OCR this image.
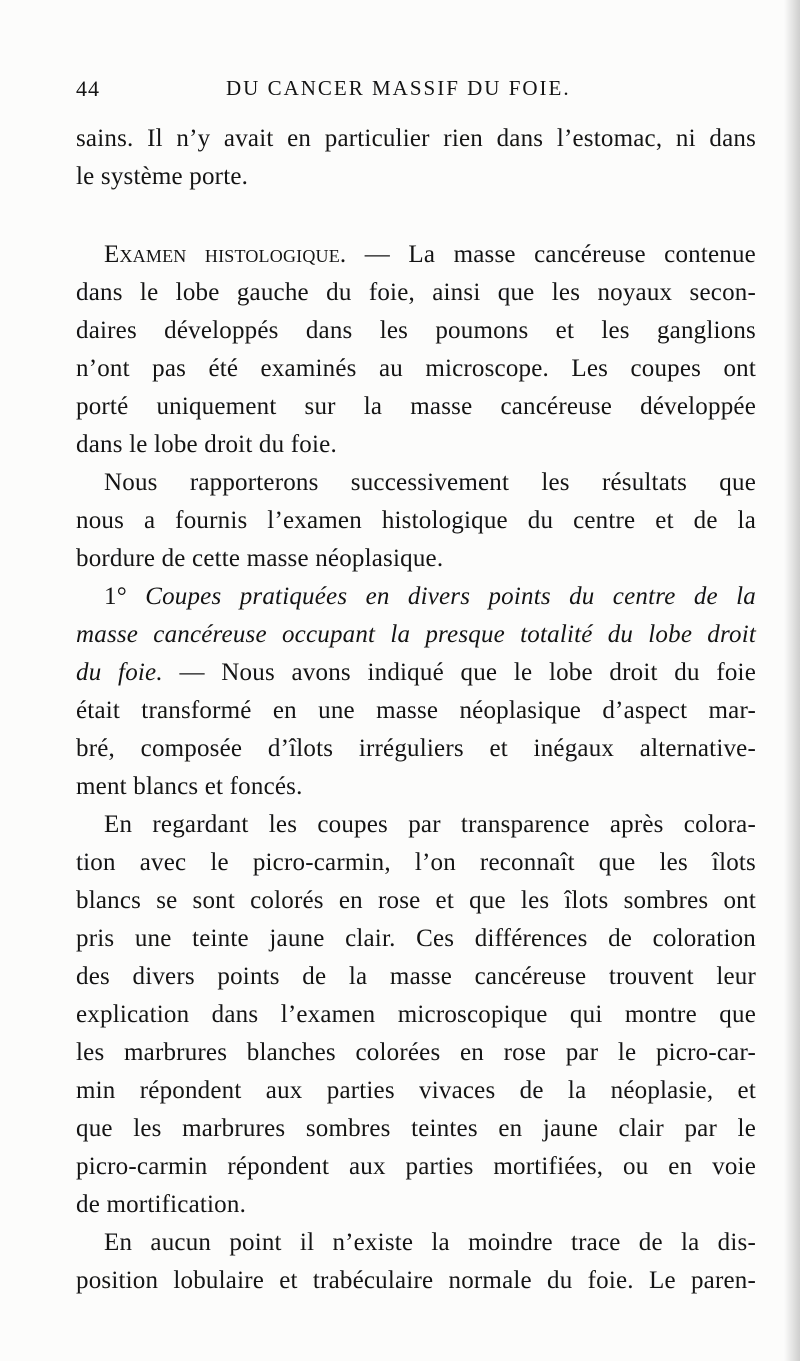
44	DU CANCER MASSIF DU FOIE.
sains. Il n’y avait en particulier rien dans l’estomac, ni dans
le système porte.
Examen histologique. — La masse cancéreuse contenue
dans le lobe gauche du foie, ainsi que les noyaux secon-
daires développés dans les poumons et les ganglions
n’ont pas été examinés au microscope. Les coupes ont
porté uniquement sur la masse cancéreuse développée
dans le lobe droit du foie.
Nous rapporterons successivement les résultats que
nous a fournis l’examen histologique du centre et de la
bordure de cette masse néoplasique.
1° Coupes pratiquées en divers points du centre de la
masse cancéreuse occupant la presque totalité du lobe droit
du foie. — Nous avons indiqué que le lobe droit du foie
était transformé en une masse néoplasique d’aspect mar-
bré, composée d’îlots irréguliers et inégaux alternative-
ment blancs et foncés.
En regardant les coupes par transparence après colora-
tion avec le picro-carmin, l’on reconnaît que les îlots
blancs se sont colorés en rose et que les îlots sombres ont
pris une teinte jaune clair. Ces différences de coloration
des divers points de la masse cancéreuse trouvent leur
explication dans l’examen microscopique qui montre que
les marbrures blanches colorées en rose par le picro-car-
min répondent aux parties vivaces de la néoplasie, et
que les marbrures sombres teintes en jaune clair par le
picro-carmin répondent aux parties mortifiées, ou en voie
de mortification.
En aucun point il n’existe la moindre trace de la dis-
position lobulaire et trabéculaire normale du foie. Le paren-
